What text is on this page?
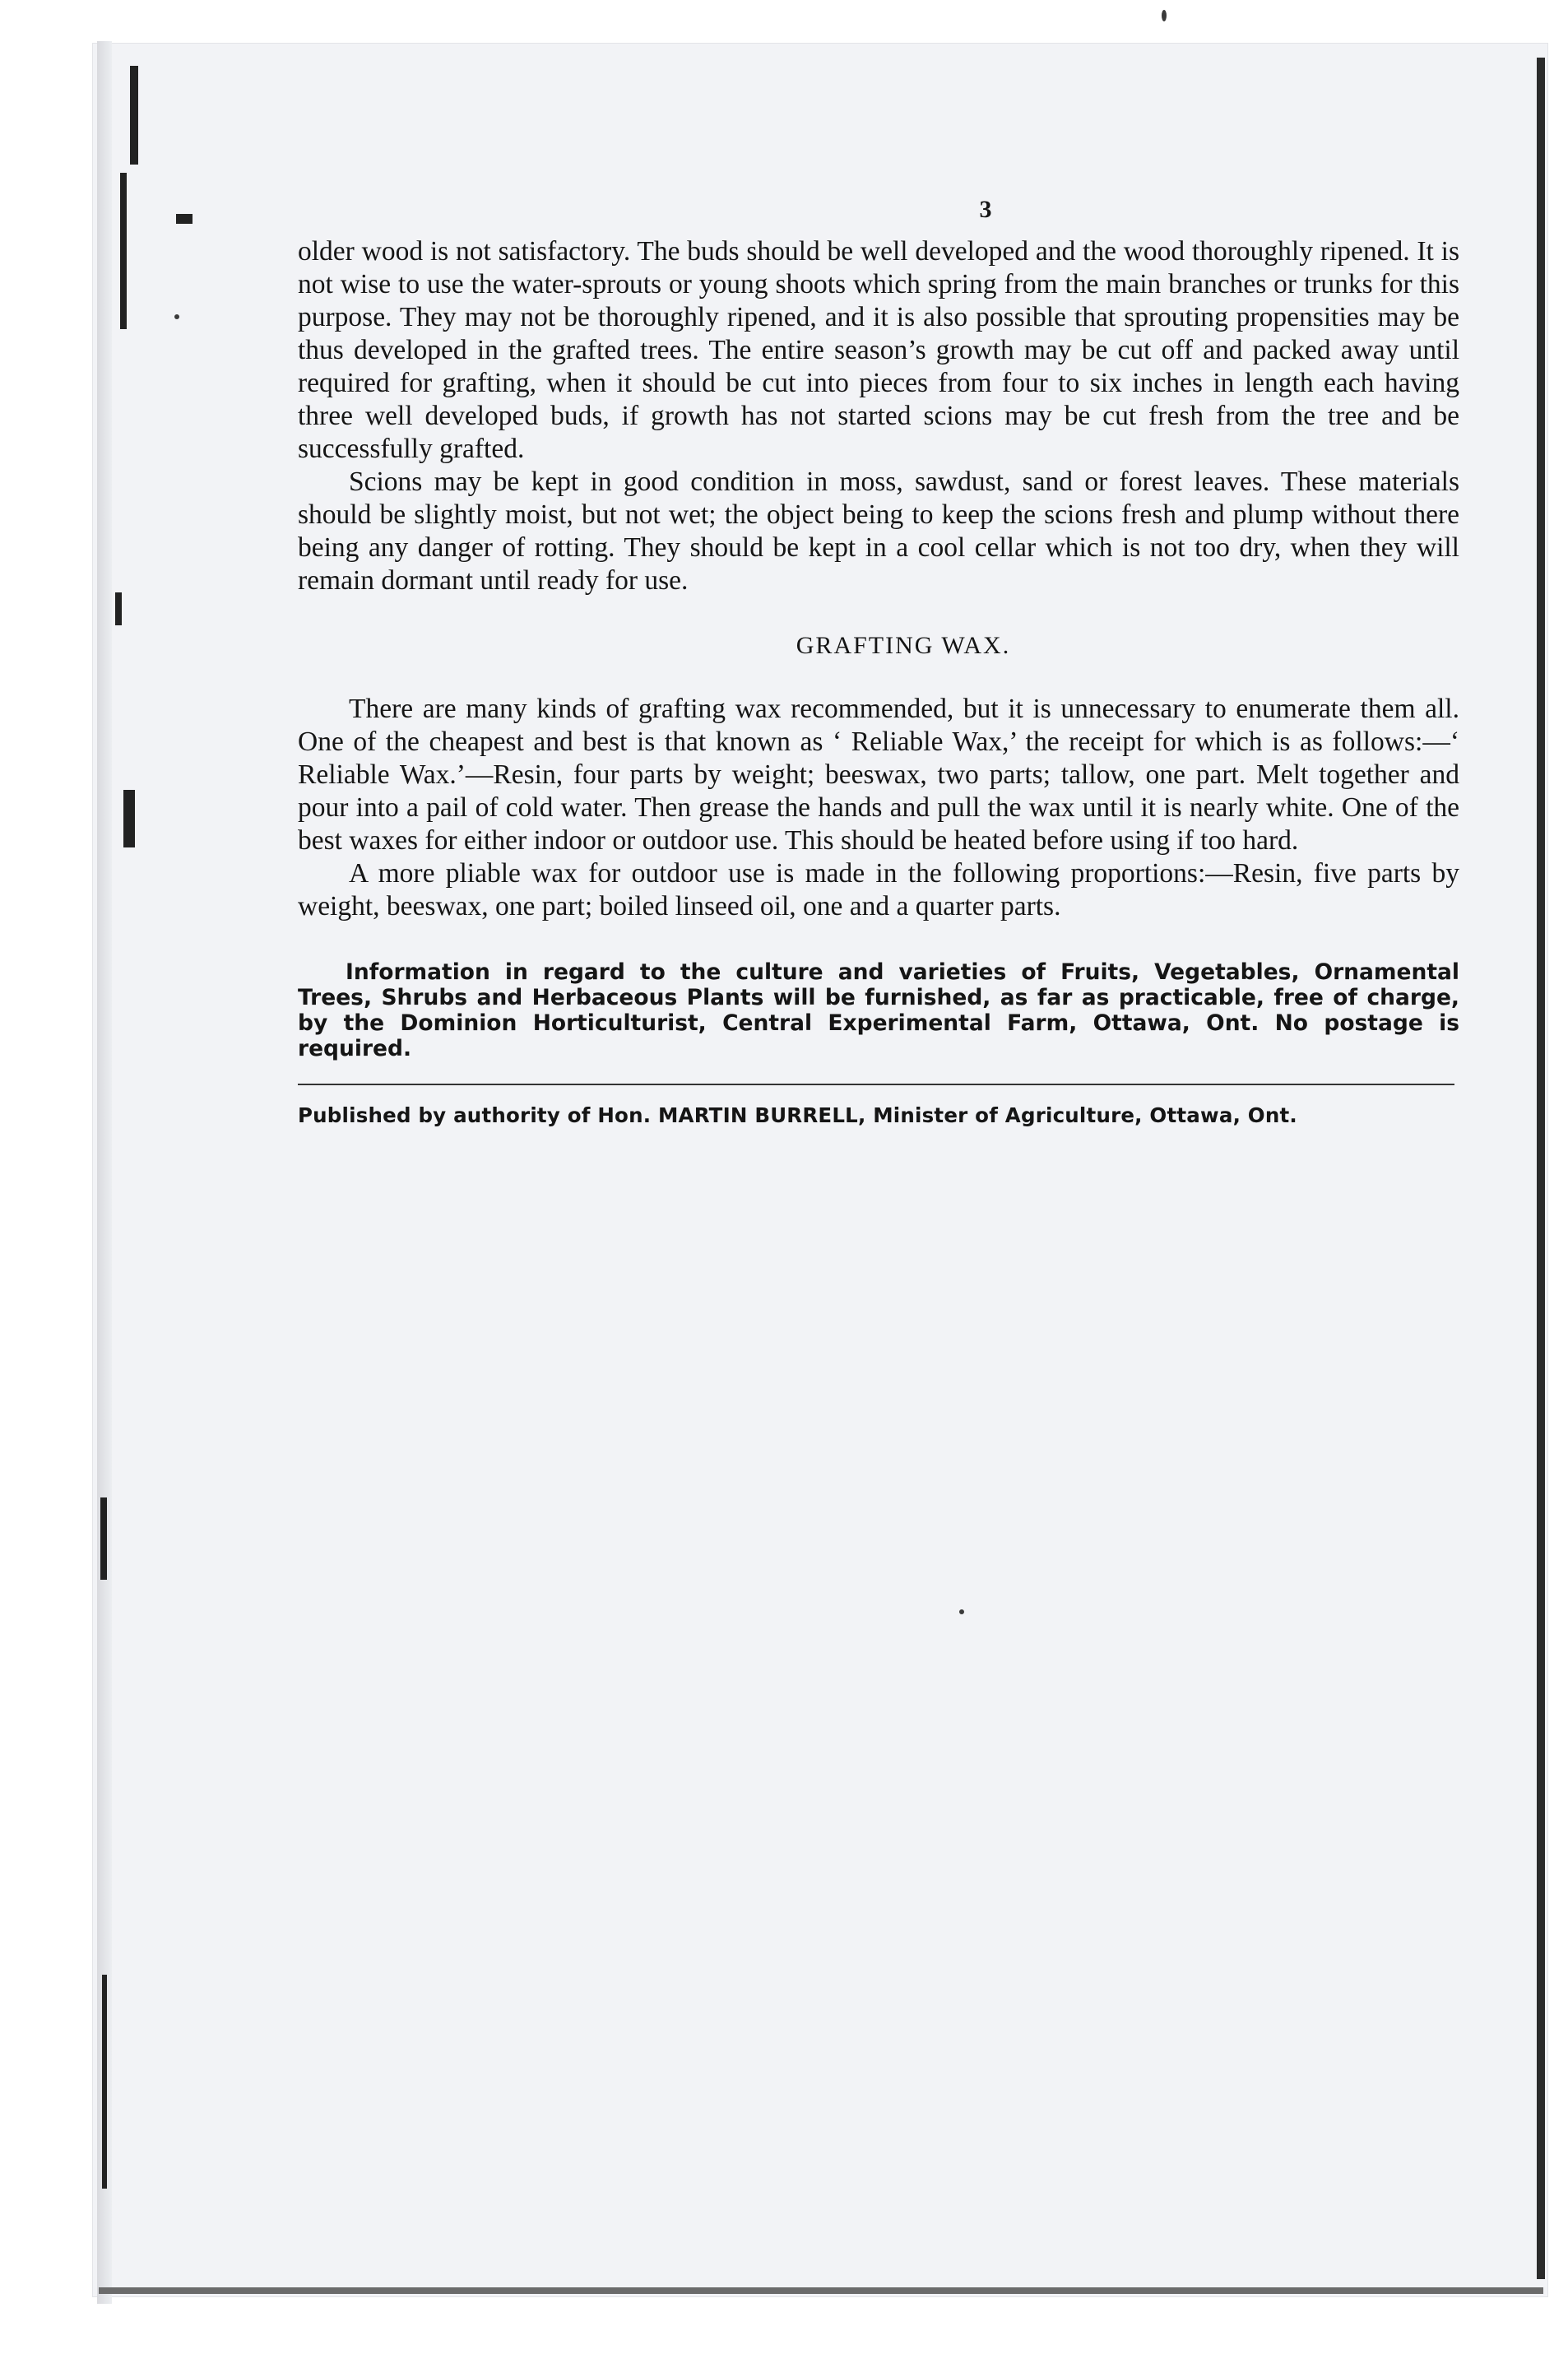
3

older wood is not satisfactory. The buds should be well developed and the wood thoroughly ripened. It is not wise to use the water-sprouts or young shoots which spring from the main branches or trunks for this purpose. They may not be thoroughly ripened, and it is also possible that sprouting propensities may be thus developed in the grafted trees. The entire season’s growth may be cut off and packed away until required for grafting, when it should be cut into pieces from four to six inches in length each having three well developed buds, if growth has not started scions may be cut fresh from the tree and be successfully grafted.

Scions may be kept in good condition in moss, sawdust, sand or forest leaves. These materials should be slightly moist, but not wet; the object being to keep the scions fresh and plump without there being any danger of rotting. They should be kept in a cool cellar which is not too dry, when they will remain dormant until ready for use.

GRAFTING WAX.

There are many kinds of grafting wax recommended, but it is unnecessary to enumerate them all. One of the cheapest and best is that known as ‘ Reliable Wax,’ the receipt for which is as follows:—‘ Reliable Wax.’—Resin, four parts by weight; beeswax, two parts; tallow, one part. Melt together and pour into a pail of cold water. Then grease the hands and pull the wax until it is nearly white. One of the best waxes for either indoor or outdoor use. This should be heated before using if too hard.

A more pliable wax for outdoor use is made in the following proportions:—Resin, five parts by weight, beeswax, one part; boiled linseed oil, one and a quarter parts.

Information in regard to the culture and varieties of Fruits, Vegetables, Ornamental Trees, Shrubs and Herbaceous Plants will be furnished, as far as practicable, free of charge, by the Dominion Horticulturist, Central Experimental Farm, Ottawa, Ont. No postage is required.

Published by authority of Hon. MARTIN BURRELL, Minister of Agriculture, Ottawa, Ont.
